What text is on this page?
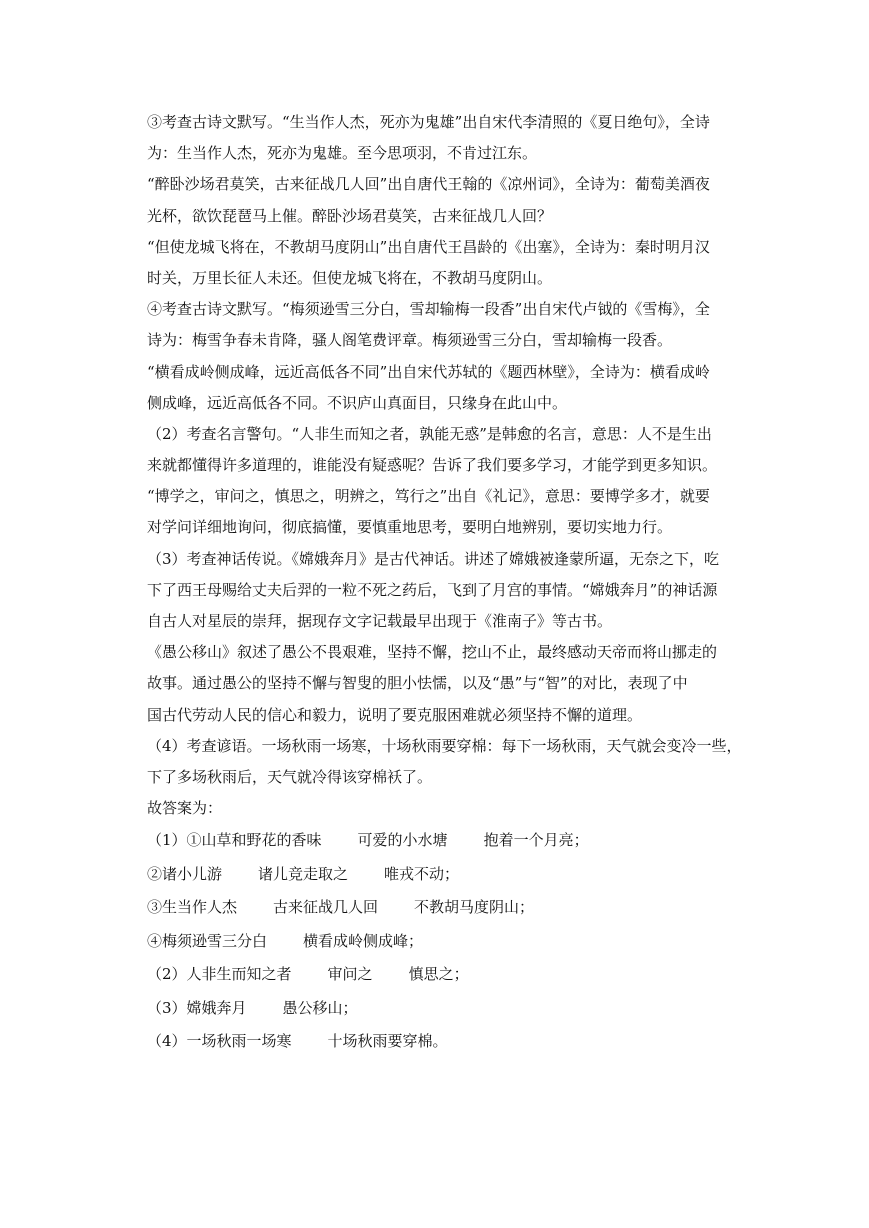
③考查古诗文默写。“生当作人杰，死亦为鬼雄”出自宋代李清照的《夏日绝句》，全诗
为：生当作人杰，死亦为鬼雄。至今思项羽，不肯过江东。
“醉卧沙场君莫笑，古来征战几人回”出自唐代王翰的《凉州词》，全诗为：葡萄美酒夜
光杯，欲饮琵琶马上催。醉卧沙场君莫笑，古来征战几人回？
“但使龙城飞将在，不教胡马度阴山”出自唐代王昌龄的《出塞》，全诗为：秦时明月汉
时关，万里长征人未还。但使龙城飞将在，不教胡马度阴山。
④考查古诗文默写。“梅须逊雪三分白，雪却输梅一段香”出自宋代卢钺的《雪梅》，全
诗为：梅雪争春未肯降，骚人阁笔费评章。梅须逊雪三分白，雪却输梅一段香。
“横看成岭侧成峰，远近高低各不同”出自宋代苏轼的《题西林壁》，全诗为：横看成岭
侧成峰，远近高低各不同。不识庐山真面目，只缘身在此山中。
（2）考查名言警句。“人非生而知之者，孰能无惑”是韩愈的名言，意思：人不是生出
来就都懂得许多道理的，谁能没有疑惑呢？告诉了我们要多学习，才能学到更多知识。
“博学之，审问之，慎思之，明辨之，笃行之”出自《礼记》，意思：要博学多才，就要
对学问详细地询问，彻底搞懂，要慎重地思考，要明白地辨别，要切实地力行。
（3）考查神话传说。《嫦娥奔月》是古代神话。讲述了嫦娥被逢蒙所逼，无奈之下，吃
下了西王母赐给丈夫后羿的一粒不死之药后，飞到了月宫的事情。“嫦娥奔月”的神话源
自古人对星辰的崇拜，据现存文字记载最早出现于《淮南子》等古书。
《愚公移山》叙述了愚公不畏艰难，坚持不懈，挖山不止，最终感动天帝而将山挪走的
故事。通过愚公的坚持不懈与智叟的胆小怯懦，以及“愚”与“智”的对比，表现了中
国古代劳动人民的信心和毅力，说明了要克服困难就必须坚持不懈的道理。
（4）考查谚语。一场秋雨一场寒，十场秋雨要穿棉：每下一场秋雨，天气就会变冷一些，
下了多场秋雨后，天气就冷得该穿棉袄了。
故答案为：
（1）①山草和野花的香味 可爱的小水塘 抱着一个月亮；
②诸小儿游 诸儿竞走取之 唯戎不动；
③生当作人杰 古来征战几人回 不教胡马度阴山；
④梅须逊雪三分白 横看成岭侧成峰；
（2）人非生而知之者 审问之 慎思之；
（3）嫦娥奔月 愚公移山；
（4）一场秋雨一场寒 十场秋雨要穿棉。
